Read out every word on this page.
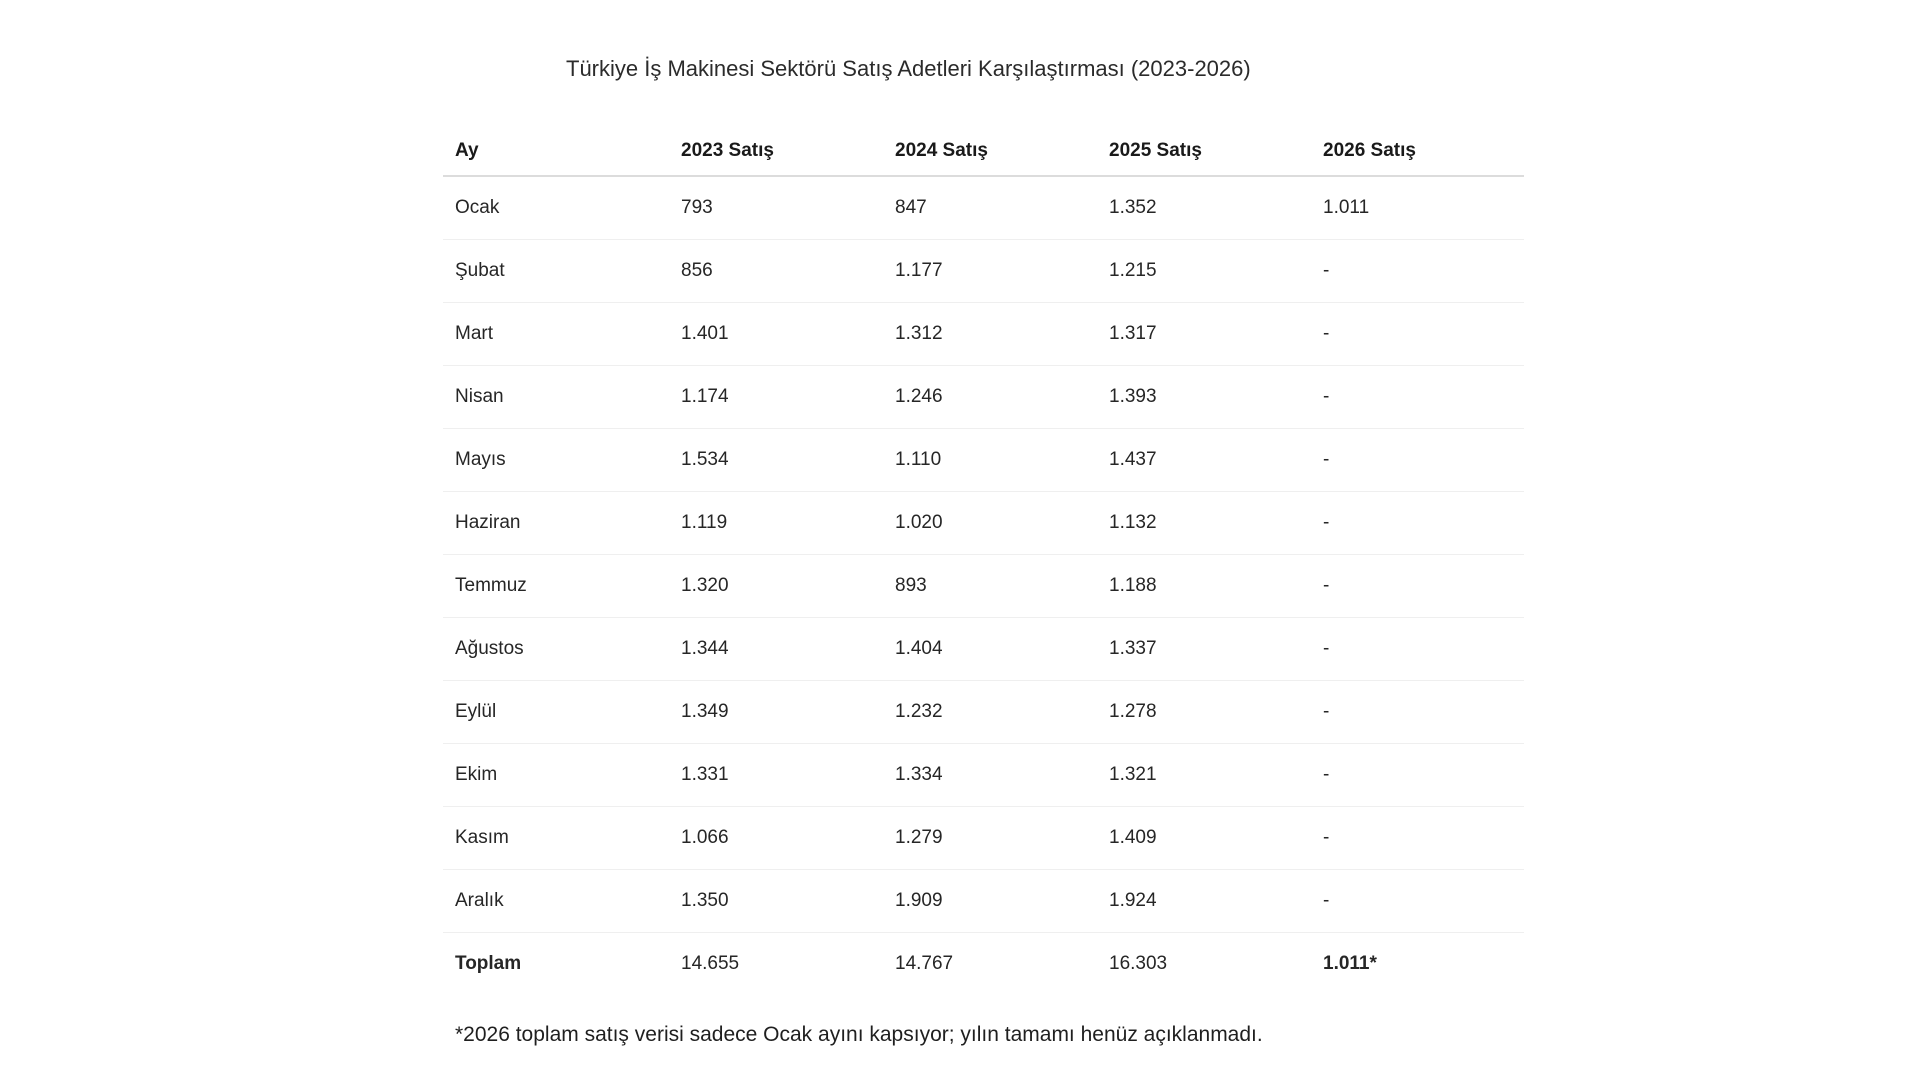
Türkiye İş Makinesi Sektörü Satış Adetleri Karşılaştırması (2023-2026)
Ay	2023 Satış	2024 Satış	2025 Satış	2026 Satış
Ocak	793	847	1.352	1.011
Şubat	856	1.177	1.215	-
Mart	1.401	1.312	1.317	-
Nisan	1.174	1.246	1.393	-
Mayıs	1.534	1.110	1.437	-
Haziran	1.119	1.020	1.132	-
Temmuz	1.320	893	1.188	-
Ağustos	1.344	1.404	1.337	-
Eylül	1.349	1.232	1.278	-
Ekim	1.331	1.334	1.321	-
Kasım	1.066	1.279	1.409	-
Aralık	1.350	1.909	1.924	-
Toplam	14.655	14.767	16.303	1.011*
*2026 toplam satış verisi sadece Ocak ayını kapsıyor; yılın tamamı henüz açıklanmadı.
